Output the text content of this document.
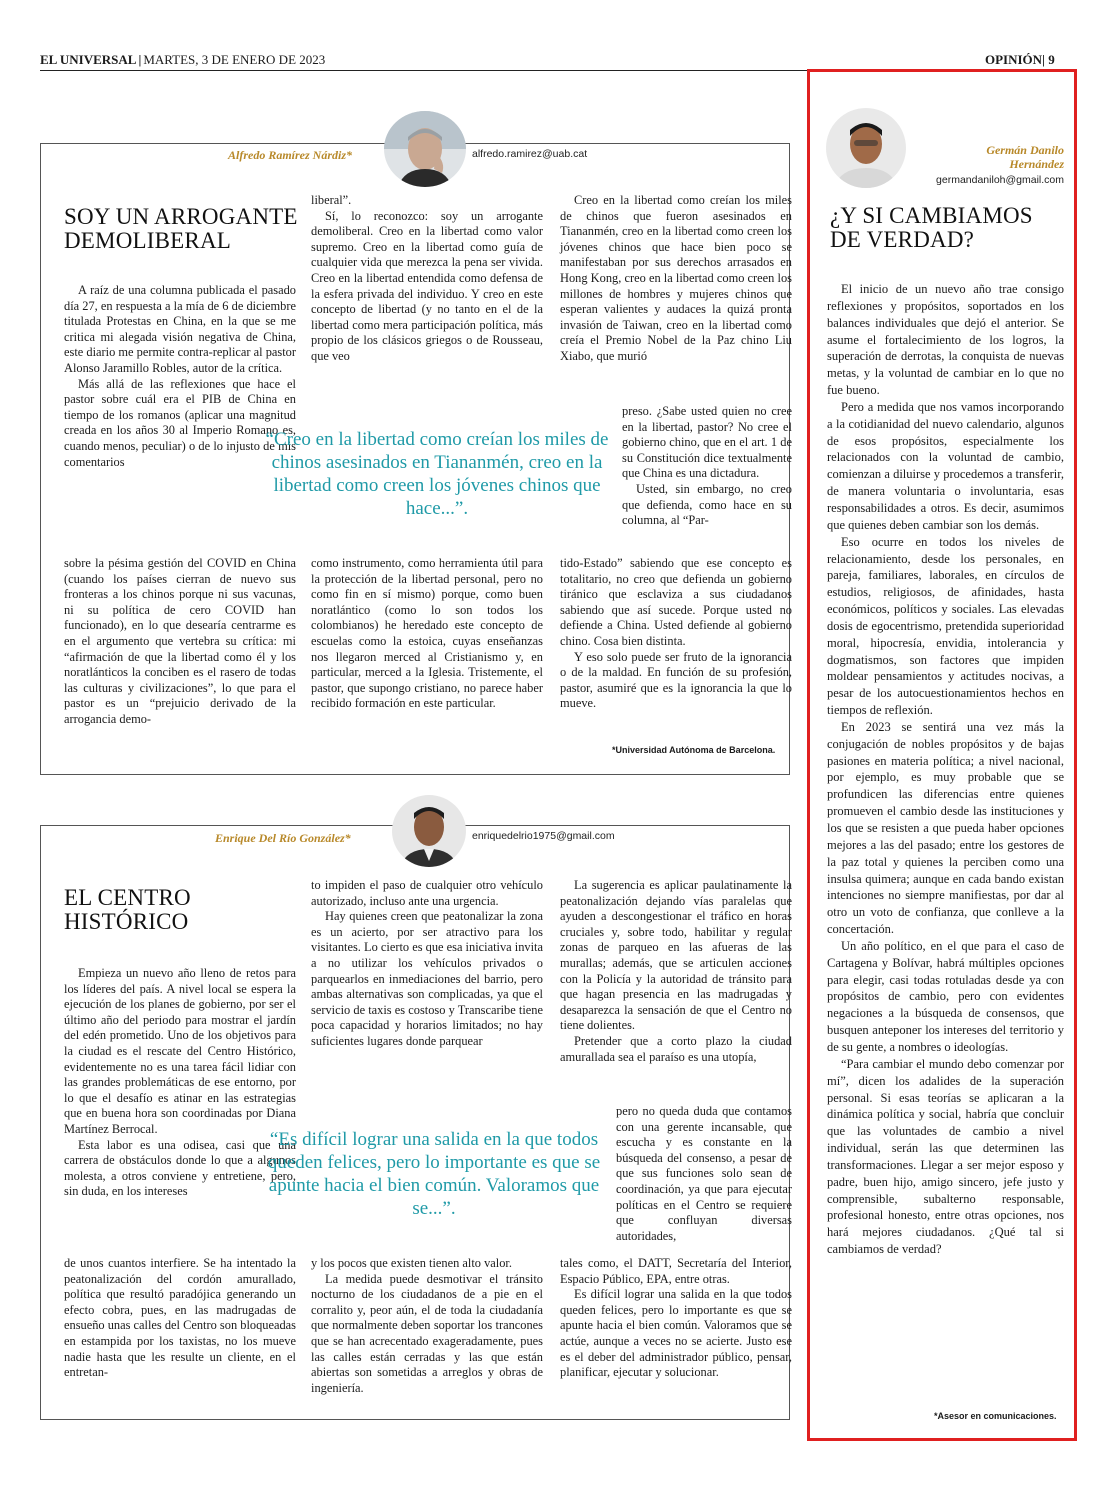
EL UNIVERSAL | MARTES, 3 DE ENERO DE 2023	OPINIÓN| 9
Alfredo Ramírez Nárdiz*	alfredo.ramirez@uab.cat
SOY UN ARROGANTE
DEMOLIBERAL

A raíz de una columna publicada el pasado día 27, en respuesta a la mía de 6 de diciembre titulada Protestas en China, en la que se me critica mi alegada visión negativa de China, este diario me permite contra-replicar al pastor Alonso Jaramillo Robles, autor de la crítica.

Más allá de las reflexiones que hace el pastor sobre cuál era el PIB de China en tiempo de los romanos (aplicar una magnitud creada en los años 30 al Imperio Romano es, cuando menos, peculiar) o de lo injusto de mis comentarios

sobre la pésima gestión del COVID en China (cuando los países cierran de nuevo sus fronteras a los chinos porque ni sus vacunas, ni su política de cero COVID han funcionado), en lo que desearía centrarme es en el argumento que vertebra su crítica: mi “afirmación de que la libertad como él y los noratlánticos la conciben es el rasero de todas las culturas y civilizaciones”, lo que para el pastor es un “prejuicio derivado de la arrogancia demo-

liberal”.

Sí, lo reconozco: soy un arrogante demoliberal. Creo en la libertad como valor supremo. Creo en la libertad como guía de cualquier vida que merezca la pena ser vivida. Creo en la libertad entendida como defensa de la esfera privada del individuo. Y creo en este concepto de libertad (y no tanto en el de la libertad como mera participación política, más propio de los clásicos griegos o de Rousseau, que veo

como instrumento, como herramienta útil para la protección de la libertad personal, pero no como fin en sí mismo) porque, como buen noratlántico (como lo son todos los colombianos) he heredado este concepto de escuelas como la estoica, cuyas enseñanzas nos llegaron merced al Cristianismo y, en particular, merced a la Iglesia. Tristemente, el pastor, que supongo cristiano, no parece haber recibido formación en este particular.

Creo en la libertad como creían los miles de chinos que fueron asesinados en Tiananmén, creo en la libertad como creen los jóvenes chinos que hace bien poco se manifestaban por sus derechos arrasados en Hong Kong, creo en la libertad como creen los millones de hombres y mujeres chinos que esperan valientes y audaces la quizá pronta invasión de Taiwan, creo en la libertad como creía el Premio Nobel de la Paz chino Liu Xiabo, que murió

preso. ¿Sabe usted quien no cree en la libertad, pastor? No cree el gobierno chino, que en el art. 1 de su Constitución dice textualmente que China es una dictadura.

Usted, sin embargo, no creo que defienda, como hace en su columna, al “Par-

tido-Estado” sabiendo que ese concepto es totalitario, no creo que defienda un gobierno tiránico que esclaviza a sus ciudadanos sabiendo que así sucede. Porque usted no defiende a China. Usted defiende al gobierno chino. Cosa bien distinta.

Y eso solo puede ser fruto de la ignorancia o de la maldad. En función de su profesión, pastor, asumiré que es la ignorancia la que lo mueve.

“Creo en la libertad como creían los miles de chinos asesinados en Tiananmén, creo en la libertad como creen los jóvenes chinos que hace...”.
*Universidad Autónoma de Barcelona.
Enrique Del Río González*	enriquedelrio1975@gmail.com
EL CENTRO
HISTÓRICO

Empieza un nuevo año lleno de retos para los líderes del país. A nivel local se espera la ejecución de los planes de gobierno, por ser el último año del periodo para mostrar el jardín del edén prometido. Uno de los objetivos para la ciudad es el rescate del Centro Histórico, evidentemente no es una tarea fácil lidiar con las grandes problemáticas de ese entorno, por lo que el desafío es atinar en las estrategias que en buena hora son coordinadas por Diana Martínez Berrocal.

Esta labor es una odisea, casi que una carrera de obstáculos donde lo que a algunos molesta, a otros conviene y entretiene, pero, sin duda, en los intereses

de unos cuantos interfiere. Se ha intentado la peatonalización del cordón amurallado, política que resultó paradójica generando un efecto cobra, pues, en las madrugadas de ensueño unas calles del Centro son bloqueadas en estampida por los taxistas, no los mueve nadie hasta que les resulte un cliente, en el entretan-

to impiden el paso de cualquier otro vehículo autorizado, incluso ante una urgencia.

Hay quienes creen que peatonalizar la zona es un acierto, por ser atractivo para los visitantes. Lo cierto es que esa iniciativa invita a no utilizar los vehículos privados o parquearlos en inmediaciones del barrio, pero ambas alternativas son complicadas, ya que el servicio de taxis es costoso y Transcaribe tiene poca capacidad y horarios limitados; no hay suficientes lugares donde parquear

y los pocos que existen tienen alto valor.

La medida puede desmotivar el tránsito nocturno de los ciudadanos de a pie en el corralito y, peor aún, el de toda la ciudadanía que normalmente deben soportar los trancones que se han acrecentado exageradamente, pues las calles están cerradas y las que están abiertas son sometidas a arreglos y obras de ingeniería.

La sugerencia es aplicar paulatinamente la peatonalización dejando vías paralelas que ayuden a descongestionar el tráfico en horas cruciales y, sobre todo, habilitar y regular zonas de parqueo en las afueras de las murallas; además, que se articulen acciones con la Policía y la autoridad de tránsito para que hagan presencia en las madrugadas y desaparezca la sensación de que el Centro no tiene dolientes.

Pretender que a corto plazo la ciudad amurallada sea el paraíso es una utopía,

pero no queda duda que contamos con una gerente incansable, que escucha y es constante en la búsqueda del consenso, a pesar de que sus funciones solo sean de coordinación, ya que para ejecutar políticas en el Centro se requiere que confluyan diversas autoridades,

tales como, el DATT, Secretaría del Interior, Espacio Público, EPA, entre otras.

Es difícil lograr una salida en la que todos queden felices, pero lo importante es que se apunte hacia el bien común. Valoramos que se actúe, aunque a veces no se acierte. Justo ese es el deber del administrador público, pensar, planificar, ejecutar y solucionar.

“Es difícil lograr una salida en la que todos queden felices, pero lo importante es que se apunte hacia el bien común. Valoramos que se...”.
Germán Danilo
Hernández
germandaniloh@gmail.com
¿Y SI CAMBIAMOS
DE VERDAD?

El inicio de un nuevo año trae consigo reflexiones y propósitos, soportados en los balances individuales que dejó el anterior. Se asume el fortalecimiento de los logros, la superación de derrotas, la conquista de nuevas metas, y la voluntad de cambiar en lo que no fue bueno.

Pero a medida que nos vamos incorporando a la cotidianidad del nuevo calendario, algunos de esos propósitos, especialmente los relacionados con la voluntad de cambio, comienzan a diluirse y procedemos a transferir, de manera voluntaria o involuntaria, esas responsabilidades a otros. Es decir, asumimos que quienes deben cambiar son los demás.

Eso ocurre en todos los niveles de relacionamiento, desde los personales, en pareja, familiares, laborales, en círculos de estudios, religiosos, de afinidades, hasta económicos, políticos y sociales. Las elevadas dosis de egocentrismo, pretendida superioridad moral, hipocresía, envidia, intolerancia y dogmatismos, son factores que impiden moldear pensamientos y actitudes nocivas, a pesar de los autocuestionamientos hechos en tiempos de reflexión.

En 2023 se sentirá una vez más la conjugación de nobles propósitos y de bajas pasiones en materia política; a nivel nacional, por ejemplo, es muy probable que se profundicen las diferencias entre quienes promueven el cambio desde las instituciones y los que se resisten a que pueda haber opciones mejores a las del pasado; entre los gestores de la paz total y quienes la perciben como una insulsa quimera; aunque en cada bando existan intenciones no siempre manifiestas, por dar al otro un voto de confianza, que conlleve a la concertación.

Un año político, en el que para el caso de Cartagena y Bolívar, habrá múltiples opciones para elegir, casi todas rotuladas desde ya con propósitos de cambio, pero con evidentes negaciones a la búsqueda de consensos, que busquen anteponer los intereses del territorio y de su gente, a nombres o ideologías.

“Para cambiar el mundo debo comenzar por mí”, dicen los adalides de la superación personal. Si esas teorías se aplicaran a la dinámica política y social, habría que concluir que las voluntades de cambio a nivel individual, serán las que determinen las transformaciones. Llegar a ser mejor esposo y padre, buen hijo, amigo sincero, jefe justo y comprensible, subalterno responsable, profesional honesto, entre otras opciones, nos hará mejores ciudadanos. ¿Qué tal si cambiamos de verdad?

*Asesor en comunicaciones.
